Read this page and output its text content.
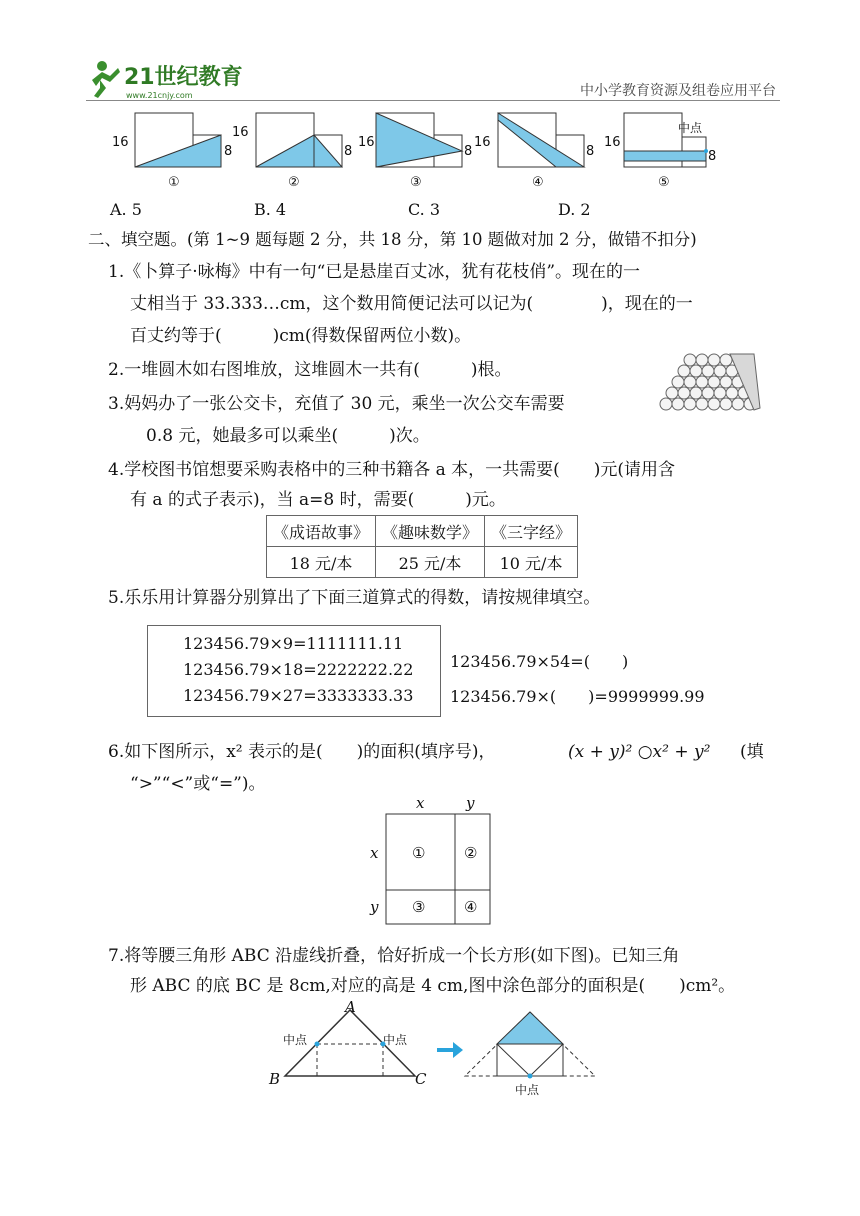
21世纪教育
www.21cnjy.com	中小学教育资源及组卷应用平台
16
8
①
16
8
②
16
8
③
16
8
④
中点
16
8
⑤
A. 5	B. 4	C. 3	D. 2
二、填空题。(第 1~9 题每题 2 分，共 18 分，第 10 题做对加 2 分，做错不扣分)
1.《卜算子·咏梅》中有一句“已是悬崖百丈冰，犹有花枝俏”。现在的一
丈相当于 33.333…cm，这个数用简便记法可以记为(　　　　)，现在的一
百丈约等于(　　　)cm(得数保留两位小数)。
2.一堆圆木如右图堆放，这堆圆木一共有(　　　)根。
3.妈妈办了一张公交卡，充值了 30 元，乘坐一次公交车需要
0.8 元，她最多可以乘坐(　　　)次。
4.学校图书馆想要采购表格中的三种书籍各 a 本，一共需要(　　)元(请用含
有 a 的式子表示)，当 a=8 时，需要(　　　)元。
《成语故事》	《趣味数学》	《三字经》
18 元/本	25 元/本	10 元/本
5.乐乐用计算器分别算出了下面三道算式的得数，请按规律填空。
123456.79×9=1111111.11
123456.79×18=2222222.22
123456.79×27=3333333.33
123456.79×54=(　　)
123456.79×(　　)=9999999.99
6.如下图所示，x² 表示的是(　　)的面积(填序号)，	(x + y)² ○x² + y² (填
“>”“<”或“=”)。
x	y
x
y
①	②
③	④
7.将等腰三角形 ABC 沿虚线折叠，恰好折成一个长方形(如下图)。已知三角
形 ABC 的底 BC 是 8cm,对应的高是 4 cm,图中涂色部分的面积是(　　)cm²。
A
B	C
中点	中点
中点
